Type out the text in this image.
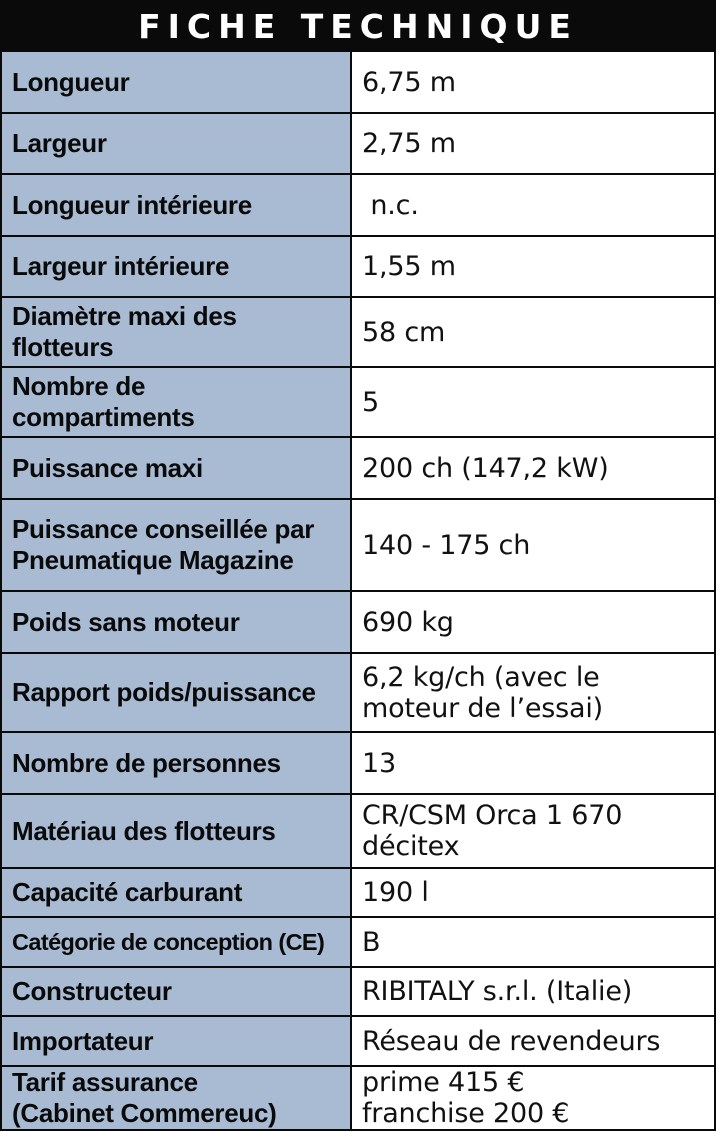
FICHE TECHNIQUE
Longueur	6,75 m

Largeur	2,75 m

Longueur intérieure	n.c.

Largeur intérieure	1,55 m

Diamètre maxi des
flotteurs	58 cm

Nombre de
compartiments	5

Puissance maxi	200 ch (147,2 kW)

Puissance conseillée par
Pneumatique Magazine	140 - 175 ch

Poids sans moteur	690 kg

Rapport poids/puissance	6,2 kg/ch (avec le
moteur de l’essai)

Nombre de personnes	13

Matériau des flotteurs	CR/CSM Orca 1 670
décitex

Capacité carburant	190 l

Catégorie de conception (CE)	B

Constructeur	RIBITALY s.r.l. (Italie)

Importateur	Réseau de revendeurs

Tarif assurance
(Cabinet Commereuc)	prime 415 €
franchise 200 €
